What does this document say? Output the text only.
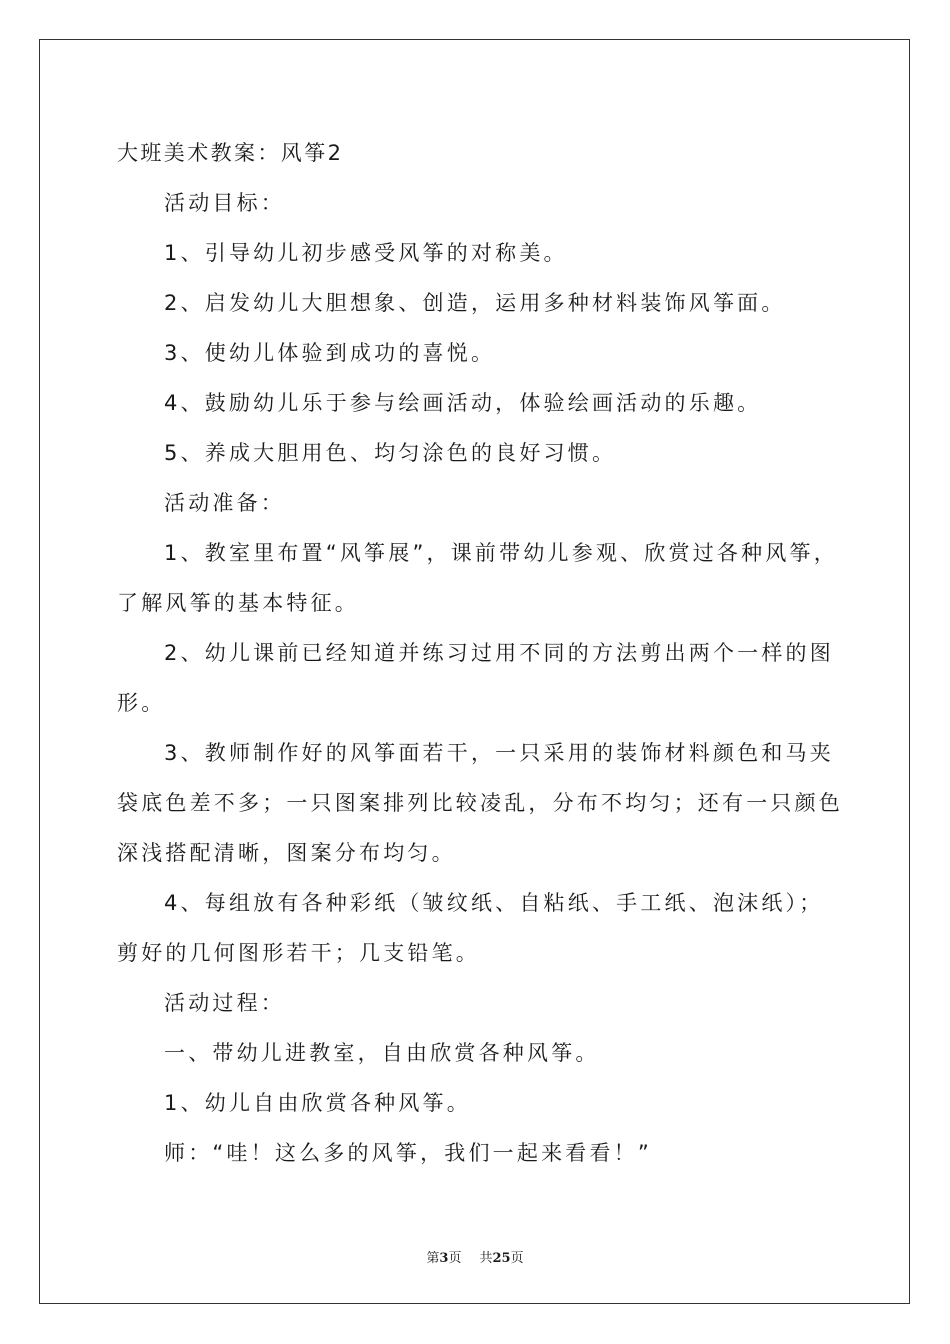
大班美术教案：风筝2
活动目标：
1、引导幼儿初步感受风筝的对称美。
2、启发幼儿大胆想象、创造，运用多种材料装饰风筝面。
3、使幼儿体验到成功的喜悦。
4、鼓励幼儿乐于参与绘画活动，体验绘画活动的乐趣。
5、养成大胆用色、均匀涂色的良好习惯。
活动准备：
1、教室里布置“风筝展”，课前带幼儿参观、欣赏过各种风筝，
了解风筝的基本特征。
2、幼儿课前已经知道并练习过用不同的方法剪出两个一样的图
形。
3、教师制作好的风筝面若干，一只采用的装饰材料颜色和马夹
袋底色差不多；一只图案排列比较凌乱，分布不均匀；还有一只颜色
深浅搭配清晰，图案分布均匀。
4、每组放有各种彩纸（皱纹纸、自粘纸、手工纸、泡沫纸）；
剪好的几何图形若干；几支铅笔。
活动过程：
一、带幼儿进教室，自由欣赏各种风筝。
1、幼儿自由欣赏各种风筝。
师：“哇！这么多的风筝，我们一起来看看！”
第3页 共25页
